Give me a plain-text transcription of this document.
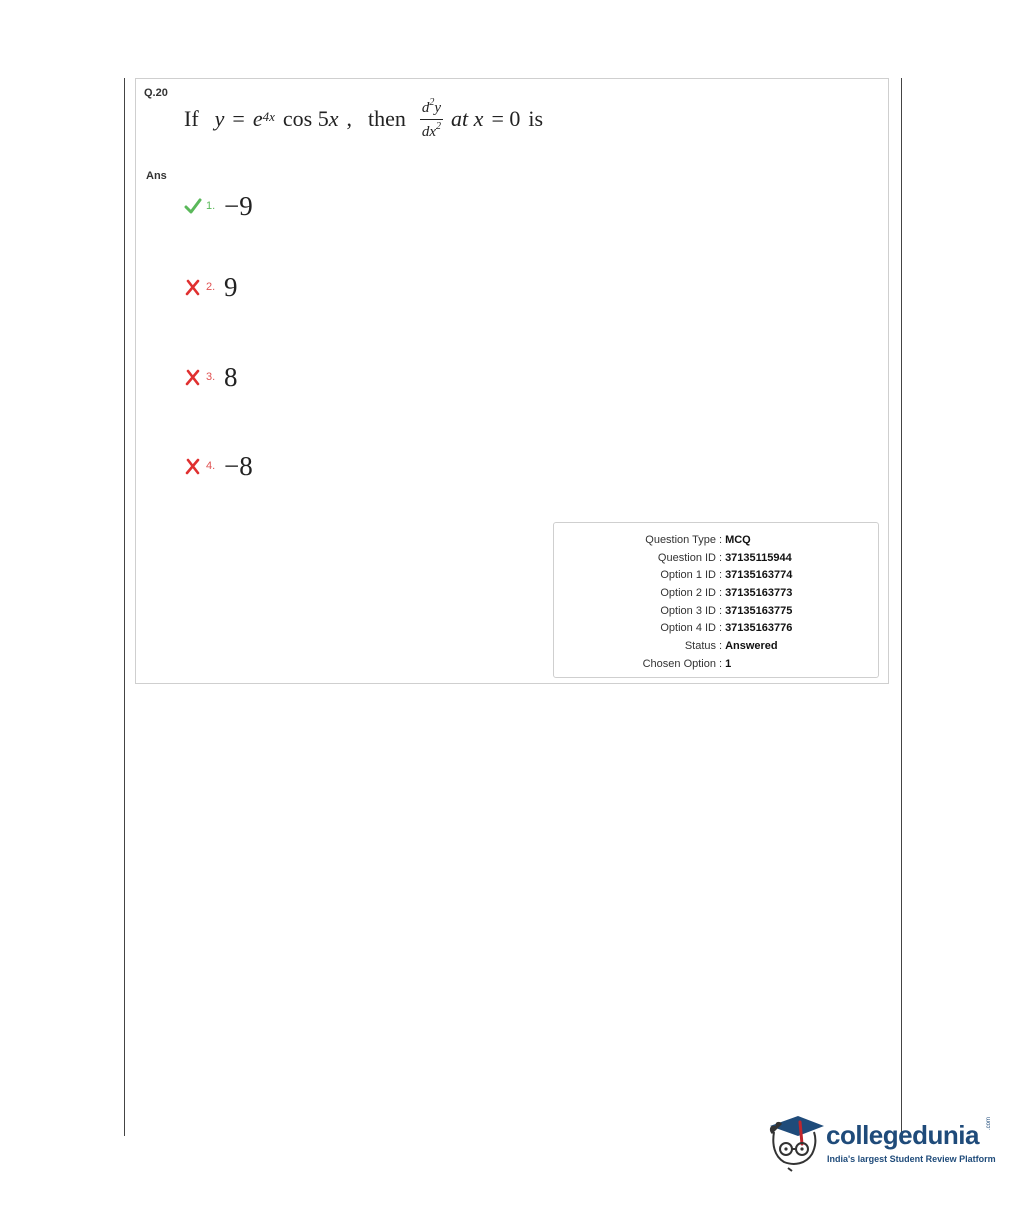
Q.20
If $y = e^{4x}$ cos 5 x , then $\frac{d^2y}{dx^2}$ at x = 0 is
Ans
1. −9
2. 9
3. 8
4. −8
Question Type : MCQ
Question ID : 37135115944
Option 1 ID : 37135163774
Option 2 ID : 37135163773
Option 3 ID : 37135163775
Option 4 ID : 37135163776
Status : Answered
Chosen Option : 1
collegedunia .com
India's largest Student Review Platform
